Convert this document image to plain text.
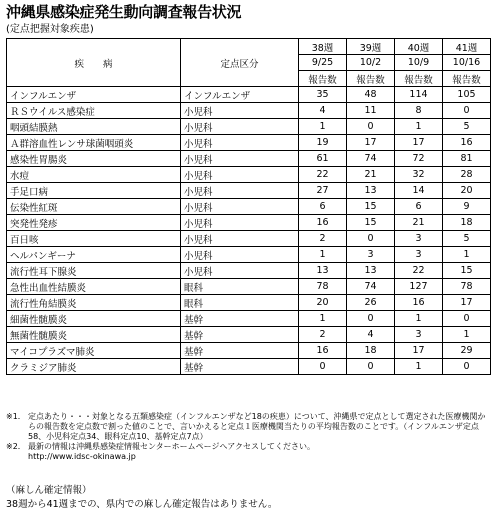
沖縄県感染症発生動向調査報告状況
(定点把握対象疾患)
疾　　病	定点区分	38週	39週	40週	41週
		9/25	10/2	10/9	10/16
		報告数	報告数	報告数	報告数
インフルエンザ	インフルエンザ	35	48	114	105
ＲＳウイルス感染症	小児科	4	11	8	0
咽頭結膜熱	小児科	1	0	1	5
Ａ群溶血性レンサ球菌咽頭炎	小児科	19	17	17	16
感染性胃腸炎	小児科	61	74	72	81
水痘	小児科	22	21	32	28
手足口病	小児科	27	13	14	20
伝染性紅斑	小児科	6	15	6	9
突発性発疹	小児科	16	15	21	18
百日咳	小児科	2	0	3	5
ヘルパンギーナ	小児科	1	3	3	1
流行性耳下腺炎	小児科	13	13	22	15
急性出血性結膜炎	眼科	78	74	127	78
流行性角結膜炎	眼科	20	26	16	17
細菌性髄膜炎	基幹	1	0	1	0
無菌性髄膜炎	基幹	2	4	3	1
マイコプラズマ肺炎	基幹	16	18	17	29
クラミジア肺炎	基幹	0	0	1	0
※1． 定点あたり・・・対象となる五類感染症（インフルエンザなど18の疾患）について、沖縄県で定点として選定された医療機関からの報告数を定点数で割った値のことで、言いかえると定点１医療機関当たりの平均報告数のことです。（インフルエンザ定点58、小児科定点34、眼科定点10、基幹定点7点）
※2． 最新の情報は沖縄県感染症情報センターホームページへアクセスしてください。
http://www.idsc-okinawa.jp
（麻しん確定情報）
38週から41週までの、県内での麻しん確定報告はありません。
